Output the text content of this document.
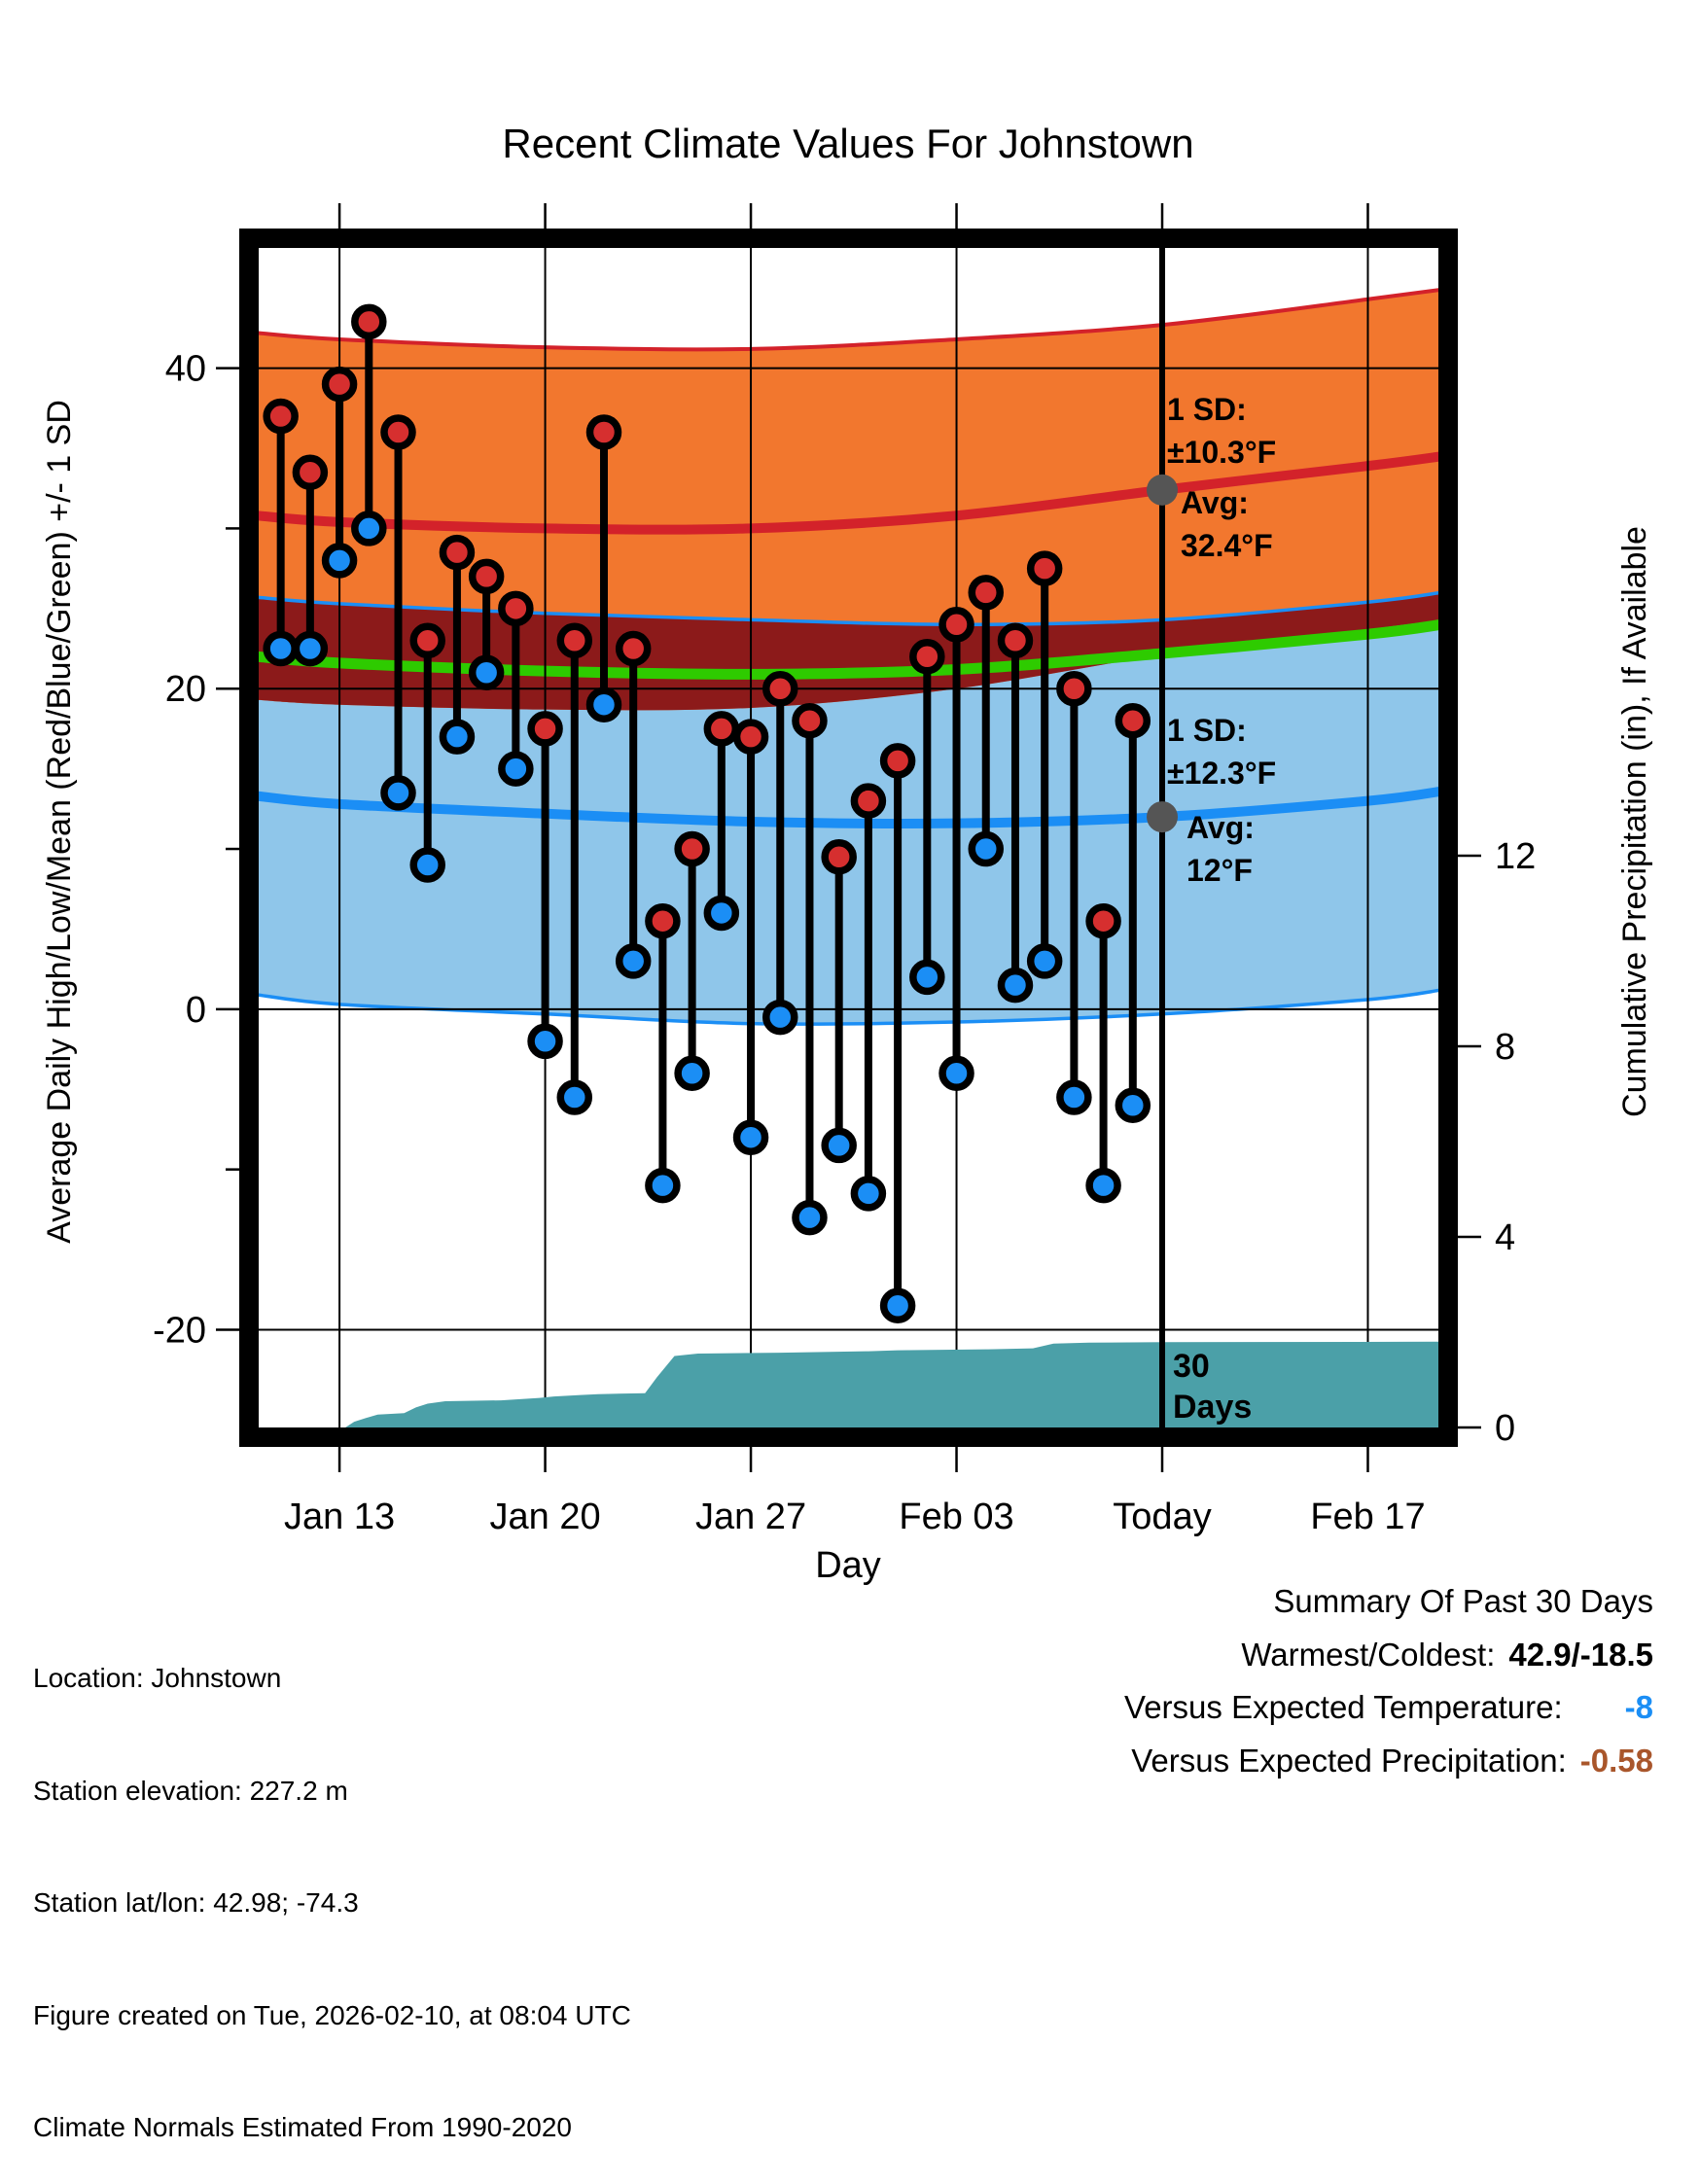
40
20
0
-20
12
8
4
0
Jan 13	Jan 20	Jan 27	Feb 03	Today	Feb 17
Recent Climate Values For Johnstown
Average Daily High/Low/Mean (Red/Blue/Green) +/- 1 SD	Cumulative Precipitation (in), If Available
Day
1 SD:
±10.3°F
Avg:
32.4°F
1 SD:
±12.3°F
Avg:
12°F
30
Days

Location: Johnstown

Station elevation: 227.2 m

Station lat/lon: 42.98; -74.3

Figure created on Tue, 2026-02-10, at 08:04 UTC

Climate Normals Estimated From 1990-2020

Summary Of Past 30 Days
Warmest/Coldest: 42.9/-18.5
Versus Expected Temperature: -8
Versus Expected Precipitation: -0.58
